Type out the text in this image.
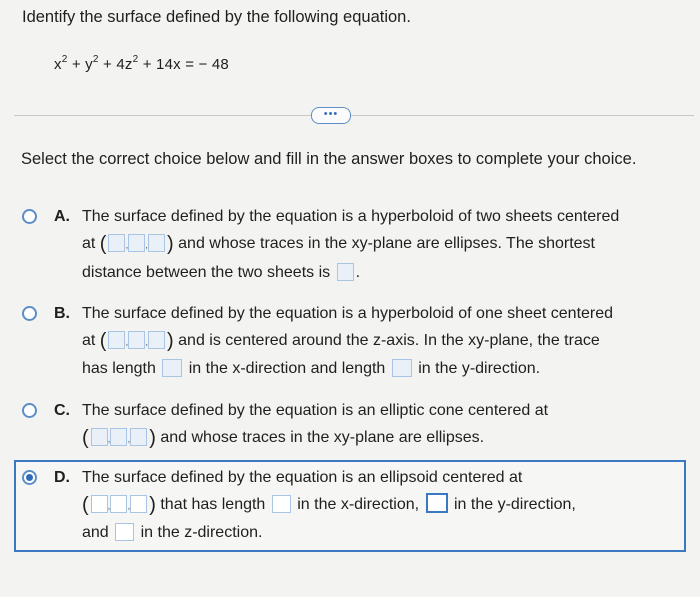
Identify the surface defined by the following equation.
$x^2 + y^2 + 4z^2 + 14x$ = − 48
•••
Select the correct choice below and fill in the answer boxes to complete your choice.
A. The surface defined by the equation is a hyperboloid of two sheets centered
at ( , , ) and whose traces in the xy-plane are ellipses. The shortest
distance between the two sheets is .
B. The surface defined by the equation is a hyperboloid of one sheet centered
at ( , , ) and is centered around the z-axis. In the xy-plane, the trace
has length in the x-direction and length in the y-direction.
C. The surface defined by the equation is an elliptic cone centered at
( , , ) and whose traces in the xy-plane are ellipses.
D. The surface defined by the equation is an ellipsoid centered at
( , , ) that has length in the x-direction, in the y-direction,
and in the z-direction.
